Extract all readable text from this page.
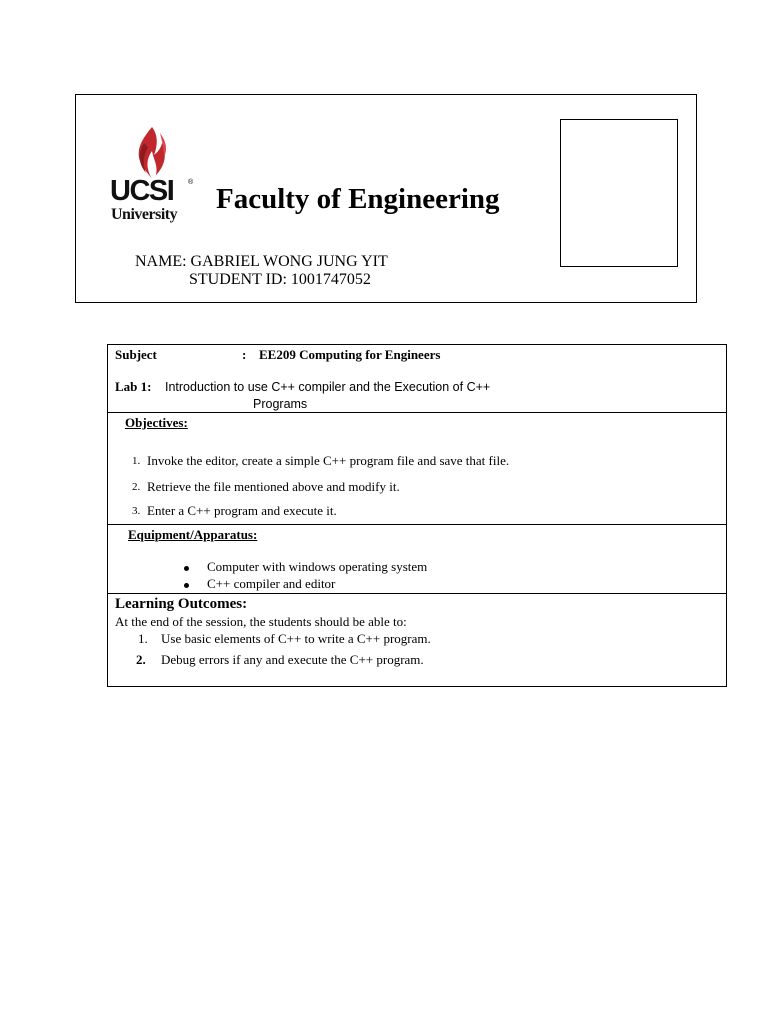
UCSI ®
University Faculty of Engineering
NAME: GABRIEL WONG JUNG YIT
STUDENT ID: 1001747052
Subject	: EE209 Computing for Engineers
Lab 1: Introduction to use C++ compiler and the Execution of C++
Programs
Objectives:
1. Invoke the editor, create a simple C++ program file and save that file.
2. Retrieve the file mentioned above and modify it.
3. Enter a C++ program and execute it.
Equipment/Apparatus:
Computer with windows operating system
C++ compiler and editor
Learning Outcomes:
At the end of the session, the students should be able to:
1. Use basic elements of C++ to write a C++ program.
2. Debug errors if any and execute the C++ program.
